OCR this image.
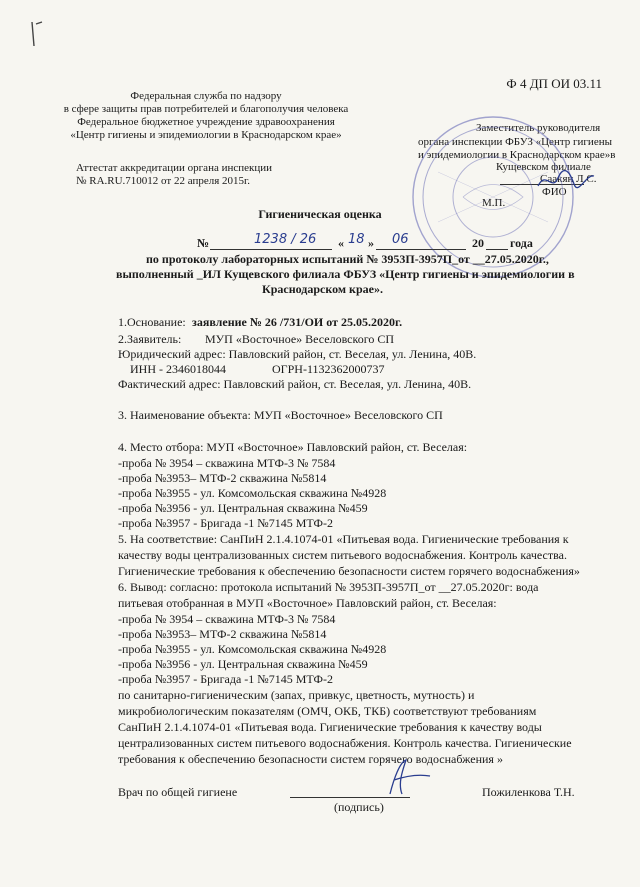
Ф 4 ДП ОИ 03.11
Федеральная служба по надзору
в сфере защиты прав потребителей и благополучия человека
Федеральное бюджетное учреждение здравоохранения
«Центр гигиены и эпидемиологии в Краснодарском крае»
Аттестат аккредитации органа инспекции
№ RA.RU.710012 от 22 апреля 2015г.
Заместитель руководителя
органа инспекции ФБУЗ «Центр гигиены
и эпидемиологии в Краснодарском крае»в
Кущевском филиале
Саакян Л.С.
ФИО
М.П.
Гигиеническая оценка
№	1238 / 26 « 18 » 06	20 года
по протоколу лабораторных испытаний № 3953П-3957П_от __27.05.2020г.,
выполненный _ИЛ Кущевского филиала ФБУЗ «Центр гигиены и эпидемиологии в
Краснодарском крае».
1.Основание: заявление № 26 /731/ОИ от 25.05.2020г.
2.Заявитель: МУП «Восточное» Веселовского СП
Юридический адрес: Павловский район, ст. Веселая, ул. Ленина, 40В.
ИНН - 2346018044	ОГРН-1132362000737
Фактический адрес: Павловский район, ст. Веселая, ул. Ленина, 40В.
3. Наименование объекта: МУП «Восточное» Веселовского СП
4. Место отбора: МУП «Восточное» Павловский район, ст. Веселая:
-проба № 3954 – скважина МТФ-3 № 7584
-проба №3953– МТФ-2 скважина №5814
-проба №3955 - ул. Комсомольская скважина №4928
-проба №3956 - ул. Центральная скважина №459
-проба №3957 - Бригада -1 №7145 МТФ-2
5. На соответствие: СанПиН 2.1.4.1074-01 «Питьевая вода. Гигиенические требования к
качеству воды централизованных систем питьевого водоснабжения. Контроль качества.
Гигиенические требования к обеспечению безопасности систем горячего водоснабжения»
6. Вывод: согласно: протокола испытаний № 3953П-3957П_от __27.05.2020г: вода
питьевая отобранная в МУП «Восточное» Павловский район, ст. Веселая:
-проба № 3954 – скважина МТФ-3 № 7584
-проба №3953– МТФ-2 скважина №5814
-проба №3955 - ул. Комсомольская скважина №4928
-проба №3956 - ул. Центральная скважина №459
-проба №3957 - Бригада -1 №7145 МТФ-2
по санитарно-гигиеническим (запах, привкус, цветность, мутность) и
микробиологическим показателям (ОМЧ, ОКБ, ТКБ) соответствуют требованиям
СанПиН 2.1.4.1074-01 «Питьевая вода. Гигиенические требования к качеству воды
централизованных систем питьевого водоснабжения. Контроль качества. Гигиенические
требования к обеспечению безопасности систем горячего водоснабжения »
Врач по общей гигиене	Пожиленкова Т.Н.
(подпись)
